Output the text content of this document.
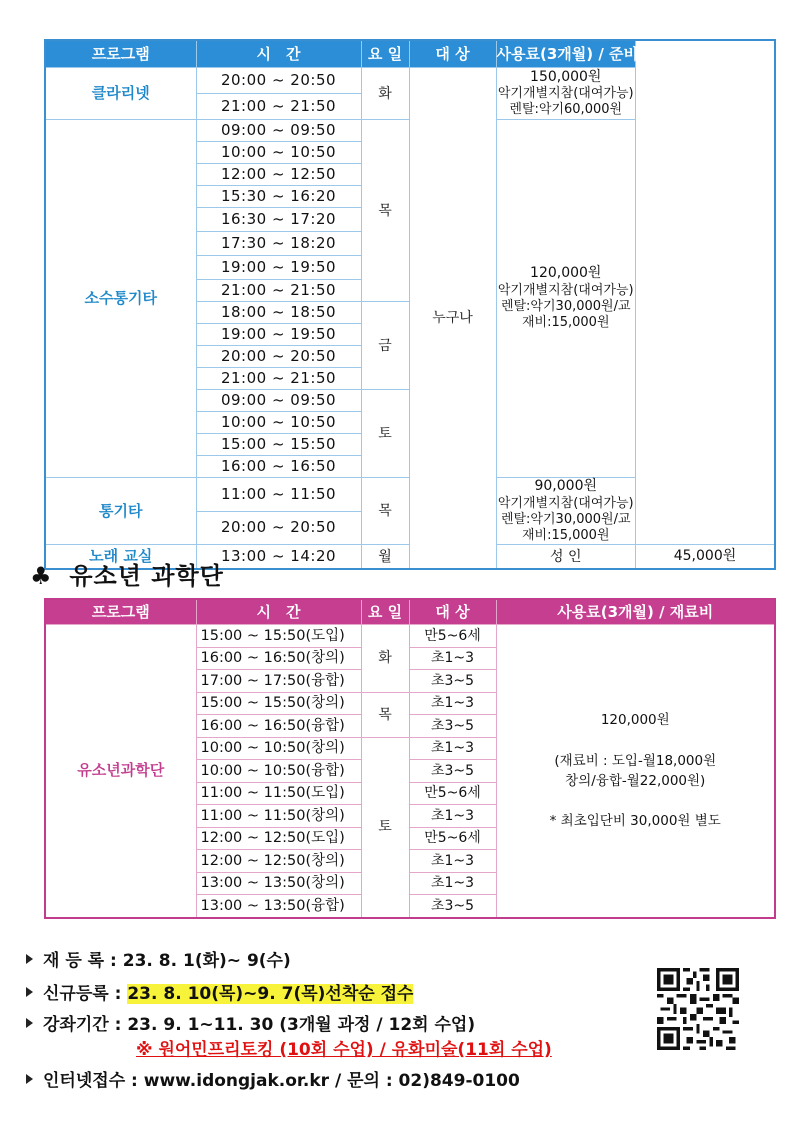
프로그램	시　간	요 일	대 상	사용료(3개월) / 준비물	
클라리넷	20:00 ~ 20:50	화	누구나	150,000원
악기개별지참(대여가능)
렌탈:악기60,000원	
	21:00 ~ 21:50				
소수통기타	09:00 ~ 09:50	목		120,000원
악기개별지참(대여가능)
렌탈:악기30,000원/교재비:15,000원	
	10:00 ~ 10:50				
	12:00 ~ 12:50				
	15:30 ~ 16:20				
	16:30 ~ 17:20				
	17:30 ~ 18:20				
	19:00 ~ 19:50				
	21:00 ~ 21:50				
	18:00 ~ 18:50	금			
	19:00 ~ 19:50				
	20:00 ~ 20:50				
	21:00 ~ 21:50				
	09:00 ~ 09:50	토			
	10:00 ~ 10:50				
	15:00 ~ 15:50				
	16:00 ~ 16:50				
통기타	11:00 ~ 11:50	목		90,000원
악기개별지참(대여가능)
렌탈:악기30,000원/교재비:15,000원	
	20:00 ~ 20:50				
노래 교실	13:00 ~ 14:20	월		성 인	45,000원
♣ 유소년 과학단
프로그램	시　간	요 일	대 상	사용료(3개월) / 재료비
유소년과학단	15:00 ~ 15:50(도입)	화	만5~6세	120,000원

(재료비 : 도입-월18,000원
창의/융합-월22,000원)

* 최초입단비 30,000원 별도
	16:00 ~ 16:50(창의)		초1~3	
	17:00 ~ 17:50(융합)		초3~5	
	15:00 ~ 15:50(창의)	목	초1~3	
	16:00 ~ 16:50(융합)		초3~5	
	10:00 ~ 10:50(창의)	토	초1~3	
	10:00 ~ 10:50(융합)		초3~5	
	11:00 ~ 11:50(도입)		만5~6세	
	11:00 ~ 11:50(창의)		초1~3	
	12:00 ~ 12:50(도입)		만5~6세	
	12:00 ~ 12:50(창의)		초1~3	
	13:00 ~ 13:50(창의)		초1~3	
	13:00 ~ 13:50(융합)		초3~5	
재 등 록 : 23. 8. 1(화)~ 9(수)
신규등록 : 23. 8. 10(목)~9. 7(목)선착순 접수
강좌기간 : 23. 9. 1~11. 30 (3개월 과정 / 12회 수업)
※ 원어민프리토킹 (10회 수업) / 유화미술(11회 수업)
인터넷접수 : www.idongjak.or.kr / 문의 : 02)849-0100
